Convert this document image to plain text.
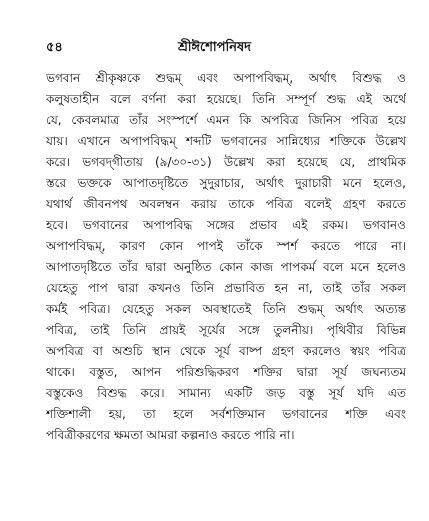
৫৪	শ্রীঈশোপনিষদ
ভগবান শ্রীকৃষ্ণকে শুদ্ধম্‌ এবং অপাপবিদ্ধম্‌, অর্থাৎ বিশুদ্ধ ও
কলুষতাহীন বলে বর্ণনা করা হয়েছে। তিনি সম্পূর্ণ শুদ্ধ এই অর্থে
যে, কেবলমাত্র তাঁর সংস্পর্শে এমন কি অপবিত্র জিনিস পবিত্র হয়ে
যায়। এখানে অপাপবিদ্ধম্‌ শব্দটি ভগবানের সান্নিধ্যের শক্তিকে উল্লেখ
করে। ভগবদ্‌গীতায় (৯/৩০-৩১) উল্লেখ করা হয়েছে যে, প্রাথমিক
স্তরে ভক্তকে আপাতদৃষ্টিতে সুদুরাচার, অর্থাৎ দুরাচারী মনে হলেও,
যথার্থ জীবনপথ অবলম্বন করায় তাকে পবিত্র বলেই গ্রহণ করতে
হবে। ভগবানের অপাপবিদ্ধ সঙ্গের প্রভাব এই রকম। ভগবানও
অপাপবিদ্ধম্‌, কারণ কোন পাপই তাঁকে স্পর্শ করতে পারে না।
আপাতদৃষ্টিতে তাঁর দ্বারা অনুষ্ঠিত কোন কাজ পাপকর্ম বলে মনে হলেও
যেহেতু পাপ দ্বারা কখনও তিনি প্রভাবিত হন না, তাই তাঁর সকল
কর্মই পবিত্র। যেহেতু সকল অবস্থাতেই তিনি শুদ্ধম্‌ অর্থাৎ অত্যন্ত
পবিত্র, তাই তিনি প্রায়ই সূর্যের সঙ্গে তুলনীয়। পৃথিবীর বিভিন্ন
অপবিত্র বা অশুচি স্থান থেকে সূর্য বাষ্প গ্রহণ করলেও স্বয়ং পবিত্র
থাকে। বস্তুত, আপন পরিশুদ্ধিকরণ শক্তির দ্বারা সূর্য জঘন্যতম
বস্তুকেও বিশুদ্ধ করে। সামান্য একটি জড় বস্তু সূর্য যদি এত
শক্তিশালী হয়, তা হলে সর্বশক্তিমান ভগবানের শক্তি এবং
পবিত্রীকরণের ক্ষমতা আমরা কল্পনাও করতে পারি না।
